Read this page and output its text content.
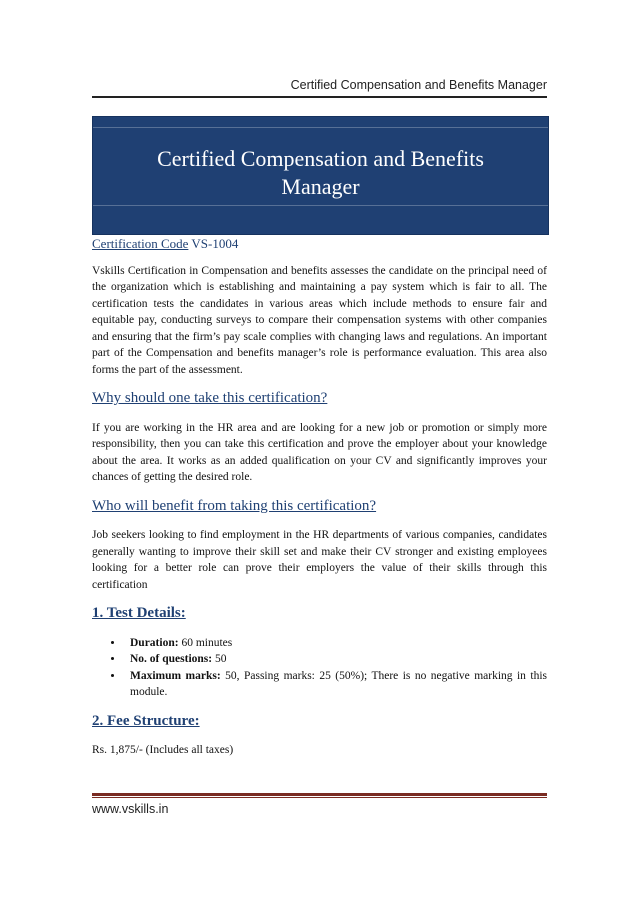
Certified Compensation and Benefits Manager
Certified Compensation and Benefits
Manager

Certification Code VS-1004

Vskills Certification in Compensation and benefits assesses the candidate on the principal need of the organization which is establishing and maintaining a pay system which is fair to all. The certification tests the candidates in various areas which include methods to ensure fair and equitable pay, conducting surveys to compare their compensation systems with other companies and ensuring that the firm’s pay scale complies with changing laws and regulations. An important part of the Compensation and benefits manager’s role is performance evaluation. This area also forms the part of the assessment.

Why should one take this certification?

If you are working in the HR area and are looking for a new job or promotion or simply more responsibility, then you can take this certification and prove the employer about your knowledge about the area. It works as an added qualification on your CV and significantly improves your chances of getting the desired role.

Who will benefit from taking this certification?

Job seekers looking to find employment in the HR departments of various companies, candidates generally wanting to improve their skill set and make their CV stronger and existing employees looking for a better role can prove their employers the value of their skills through this certification

1. Test Details:
• Duration: 60 minutes
• No. of questions: 50
• Maximum marks: 50, Passing marks: 25 (50%); There is no negative marking in this module.
2. Fee Structure:

Rs. 1,875/- (Includes all taxes)

www.vskills.in
